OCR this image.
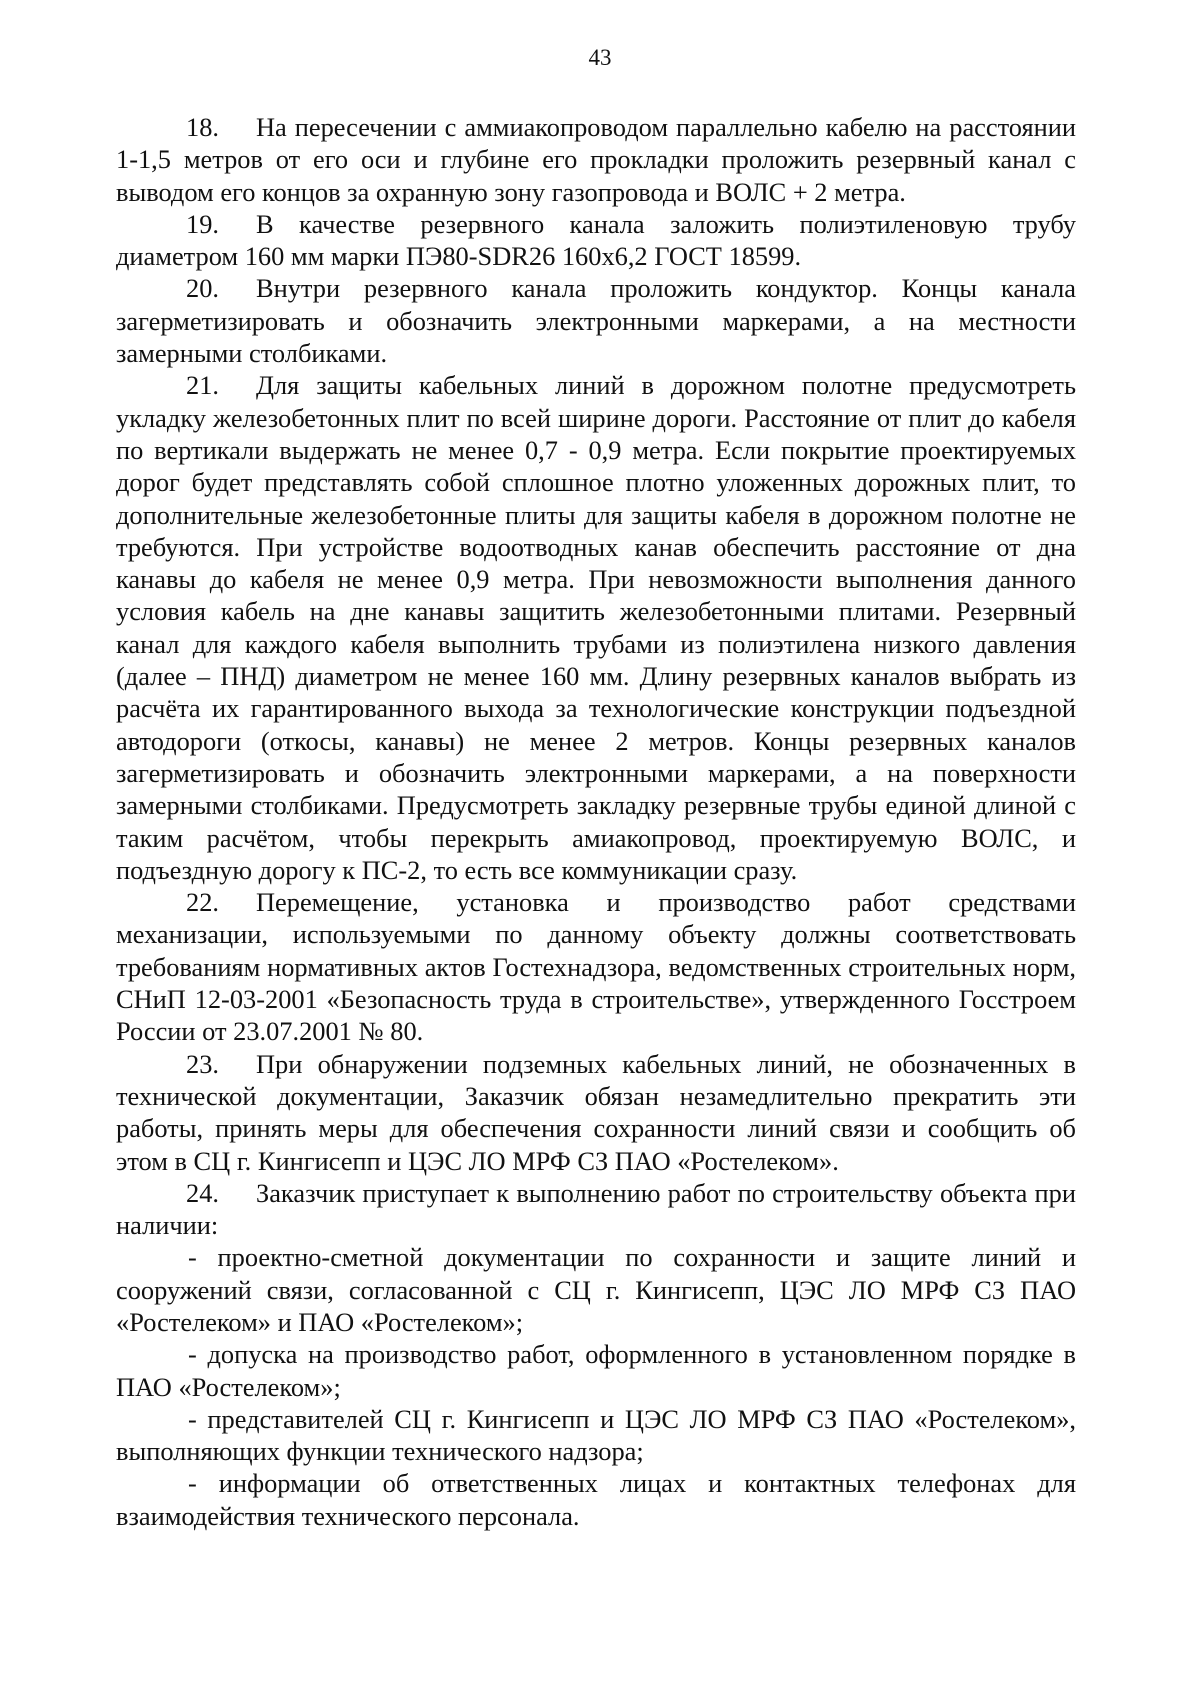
43

18. На пересечении с аммиакопроводом параллельно кабелю на расстоянии 1-1,5 метров от его оси и глубине его прокладки проложить резервный канал с выводом его концов за охранную зону газопровода и ВОЛС + 2 метра.

19. В качестве резервного канала заложить полиэтиленовую трубу диаметром 160 мм марки ПЭ80-SDR26 160х6,2 ГОСТ 18599.

20. Внутри резервного канала проложить кондуктор. Концы канала загерметизировать и обозначить электронными маркерами, а на местности замерными столбиками.

21. Для защиты кабельных линий в дорожном полотне предусмотреть укладку железобетонных плит по всей ширине дороги. Расстояние от плит до кабеля по вертикали выдержать не менее 0,7 - 0,9 метра. Если покрытие проектируемых дорог будет представлять собой сплошное плотно уложенных дорожных плит, то дополнительные железобетонные плиты для защиты кабеля в дорожном полотне не требуются. При устройстве водоотводных канав обеспечить расстояние от дна канавы до кабеля не менее 0,9 метра. При невозможности выполнения данного условия кабель на дне канавы защитить железобетонными плитами. Резервный канал для каждого кабеля выполнить трубами из полиэтилена низкого давления (далее – ПНД) диаметром не менее 160 мм. Длину резервных каналов выбрать из расчёта их гарантированного выхода за технологические конструкции подъездной автодороги (откосы, канавы) не менее 2 метров. Концы резервных каналов загерметизировать и обозначить электронными маркерами, а на поверхности замерными столбиками. Предусмотреть закладку резервные трубы единой длиной с таким расчётом, чтобы перекрыть амиакопровод, проектируемую ВОЛС, и подъездную дорогу к ПС-2, то есть все коммуникации сразу.

22. Перемещение, установка и производство работ средствами механизации, используемыми по данному объекту должны соответствовать требованиям нормативных актов Гостехнадзора, ведомственных строительных норм, СНиП 12-03-2001 «Безопасность труда в строительстве», утвержденного Госстроем России от 23.07.2001 № 80.

23. При обнаружении подземных кабельных линий, не обозначенных в технической документации, Заказчик обязан незамедлительно прекратить эти работы, принять меры для обеспечения сохранности линий связи и сообщить об этом в СЦ г. Кингисепп и ЦЭС ЛО МРФ СЗ ПАО «Ростелеком».

24. Заказчик приступает к выполнению работ по строительству объекта при наличии:

- проектно-сметной документации по сохранности и защите линий и сооружений связи, согласованной с СЦ г. Кингисепп, ЦЭС ЛО МРФ СЗ ПАО «Ростелеком» и ПАО «Ростелеком»;

- допуска на производство работ, оформленного в установленном порядке в ПАО «Ростелеком»;

- представителей СЦ г. Кингисепп и ЦЭС ЛО МРФ СЗ ПАО «Ростелеком», выполняющих функции технического надзора;

- информации об ответственных лицах и контактных телефонах для взаимодействия технического персонала.
